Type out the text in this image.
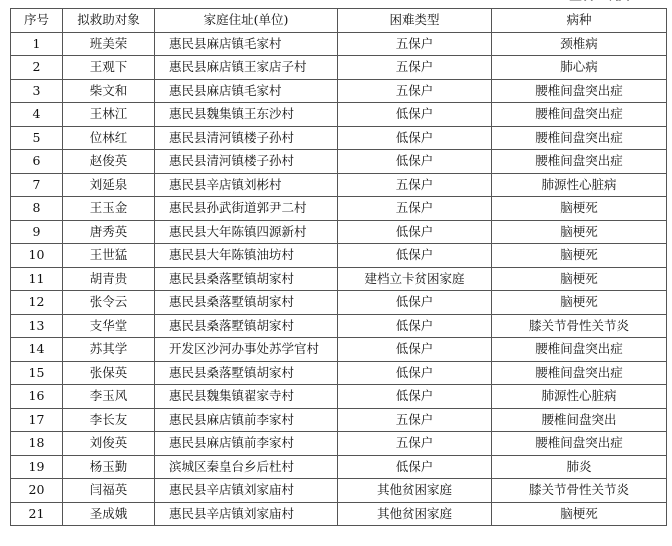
序号	拟救助对象	家庭住址(单位)	困难类型	病种
1	班美荣	惠民县麻店镇毛家村	五保户	颈椎病
2	王观下	惠民县麻店镇王家店子村	五保户	肺心病
3	柴文和	惠民县麻店镇毛家村	五保户	腰椎间盘突出症
4	王林江	惠民县魏集镇王东沙村	低保户	腰椎间盘突出症
5	位林红	惠民县清河镇楼子孙村	低保户	腰椎间盘突出症
6	赵俊英	惠民县清河镇楼子孙村	低保户	腰椎间盘突出症
7	刘延泉	惠民县辛店镇刘彬村	五保户	肺源性心脏病
8	王玉金	惠民县孙武街道郭尹二村	五保户	脑梗死
9	唐秀英	惠民县大年陈镇四源新村	低保户	脑梗死
10	王世猛	惠民县大年陈镇油坊村	低保户	脑梗死
11	胡青贵	惠民县桑落墅镇胡家村	建档立卡贫困家庭	脑梗死
12	张令云	惠民县桑落墅镇胡家村	低保户	脑梗死
13	支华堂	惠民县桑落墅镇胡家村	低保户	膝关节骨性关节炎
14	苏其学	开发区沙河办事处苏学官村	低保户	腰椎间盘突出症
15	张保英	惠民县桑落墅镇胡家村	低保户	腰椎间盘突出症
16	李玉风	惠民县魏集镇翟家寺村	低保户	肺源性心脏病
17	李长友	惠民县麻店镇前李家村	五保户	腰椎间盘突出
18	刘俊英	惠民县麻店镇前李家村	五保户	腰椎间盘突出症
19	杨玉勤	滨城区秦皇台乡后杜村	低保户	肺炎
20	闫福英	惠民县辛店镇刘家庙村	其他贫困家庭	膝关节骨性关节炎
21	圣成娥	惠民县辛店镇刘家庙村	其他贫困家庭	脑梗死
